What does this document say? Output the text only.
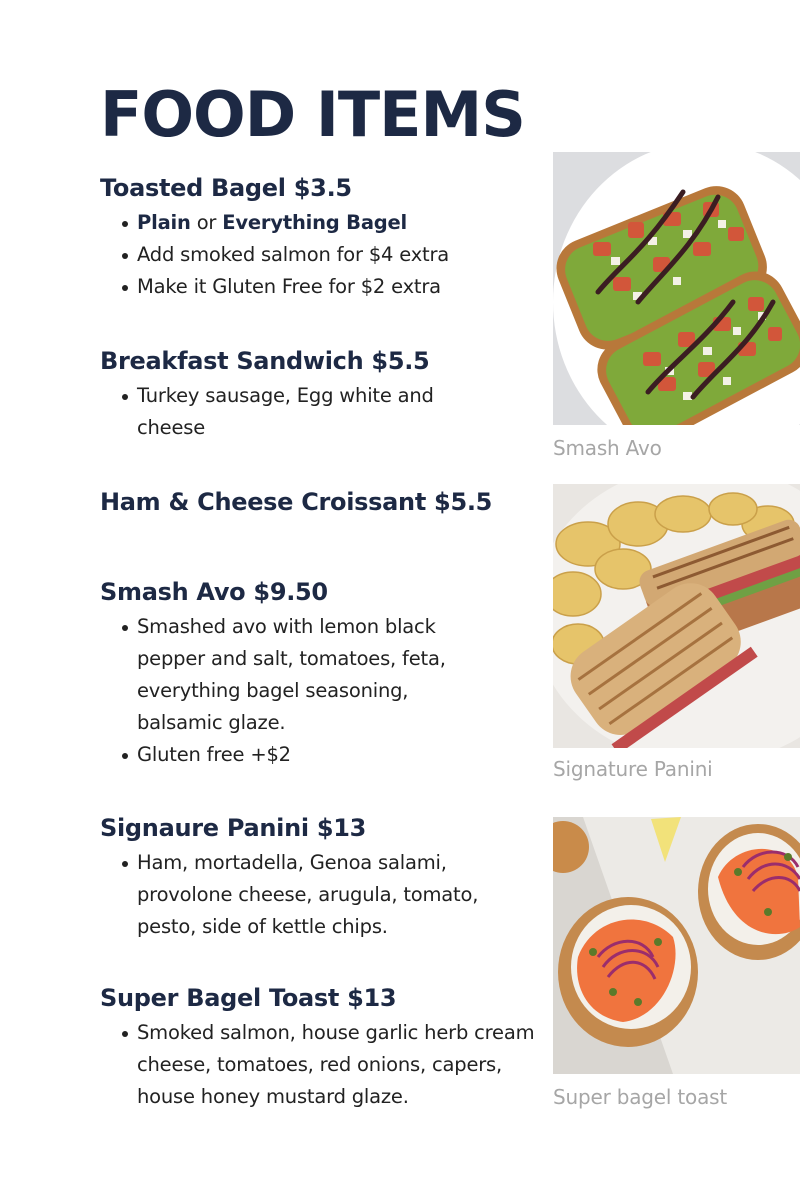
FOOD ITEMS
Toasted Bagel $3.5
Plain or Everything Bagel
Add smoked salmon for $4 extra
Make it Gluten Free for $2 extra
Breakfast Sandwich $5.5
Turkey sausage, Egg white and cheese
Ham & Cheese Croissant $5.5
Smash Avo $9.50
Smashed avo with lemon black pepper and salt, tomatoes, feta, everything bagel seasoning, balsamic glaze.
Gluten free +$2
Signaure Panini $13
Ham, mortadella, Genoa salami, provolone cheese, arugula, tomato, pesto, side of kettle chips.
Super Bagel Toast $13
Smoked salmon, house garlic herb cream cheese, tomatoes, red onions, capers, house honey mustard glaze.
Smash Avo
Signature Panini
Super bagel toast
